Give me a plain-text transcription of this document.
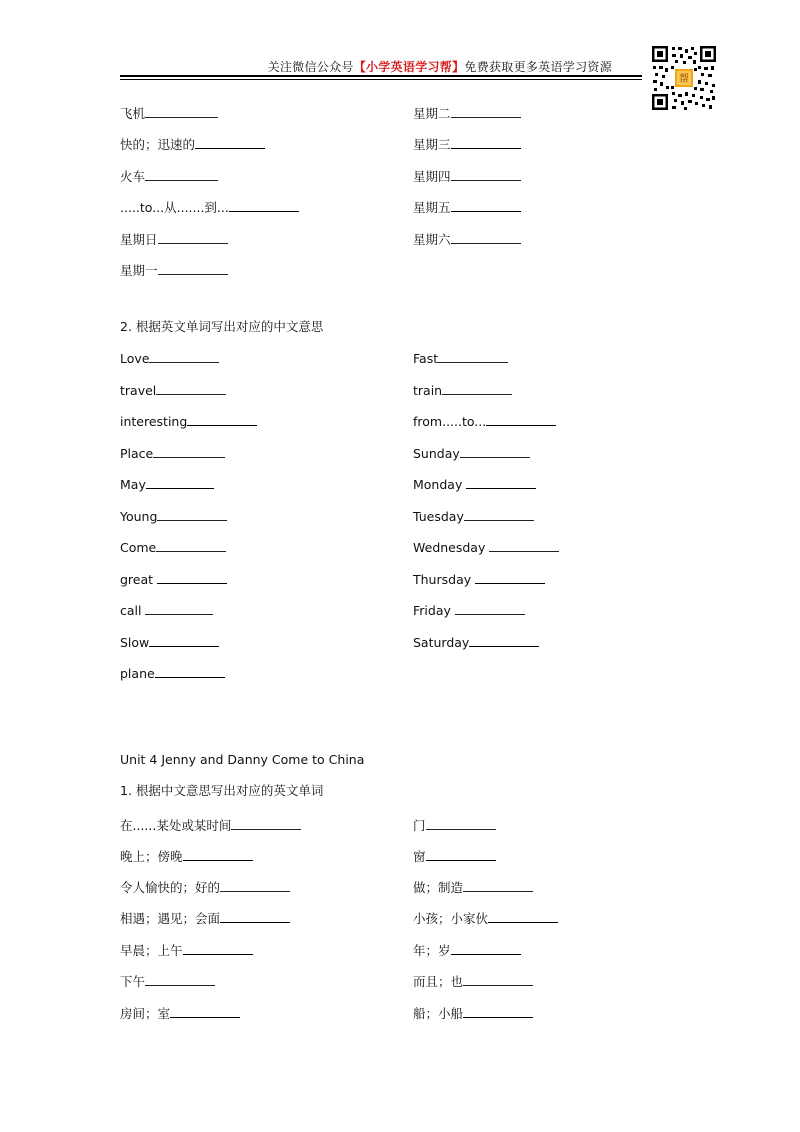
关注微信公众号【小学英语学习帮】免费获取更多英语学习资源
帮
飞机
快的；迅速的
火车
.....to...从.......到...
星期日
星期一
星期二
星期三
星期四
星期五
星期六
2. 根据英文单词写出对应的中文意思
Love
travel
interesting
Place
May
Young
Come
great
call
Slow
plane
Fast
train
from.....to...
Sunday
Monday
Tuesday
Wednesday
Thursday
Friday
Saturday
Unit 4 Jenny and Danny Come to China
1. 根据中文意思写出对应的英文单词
在......某处或某时间
晚上；傍晚
令人愉快的；好的
相遇；遇见；会面
早晨；上午
下午
房间；室
门
窗
做；制造
小孩；小家伙
年；岁
而且；也
船；小船
